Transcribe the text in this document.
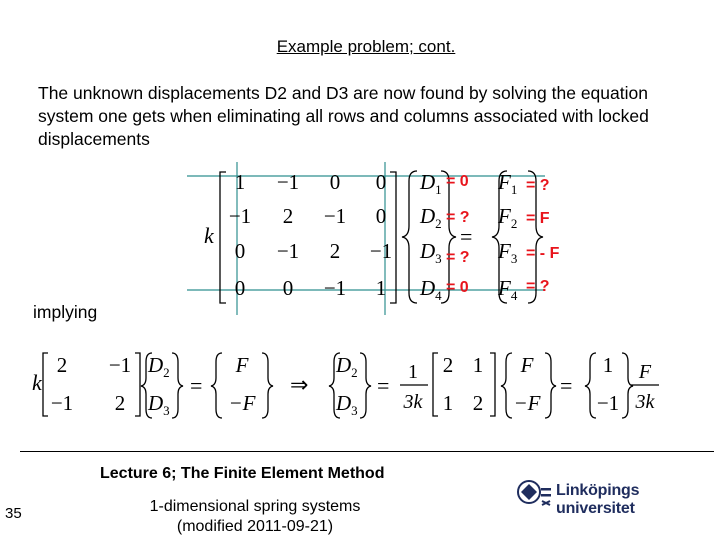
Example problem; cont.
The unknown displacements D2 and D3 are now found by solving the equation system one gets when eliminating all rows and columns associated with locked displacements
k
1 −1 0 0
−1 2 −1 0
0 −1 2 −1
0 0 −1 1
$D_1$
$D_2$
$D_3$
$D_4$
=
$F_1$
$F_2$
$F_3$
$F_4$
= 0
= ?
= ?
= 0
= ?
= F
= - F
= ?
implying
k
2 −1
−1 2
$D_2$
$D_3$
=
F
−F
⇒
$D_2$
$D_3$
=
1
3k
2 1
1 2
F
−F
=
1
−1
F
3k
Lecture 6; The Finite Element Method
35	1-dimensional spring systems
(modified 2011-09-21)
Linköpings universitet
